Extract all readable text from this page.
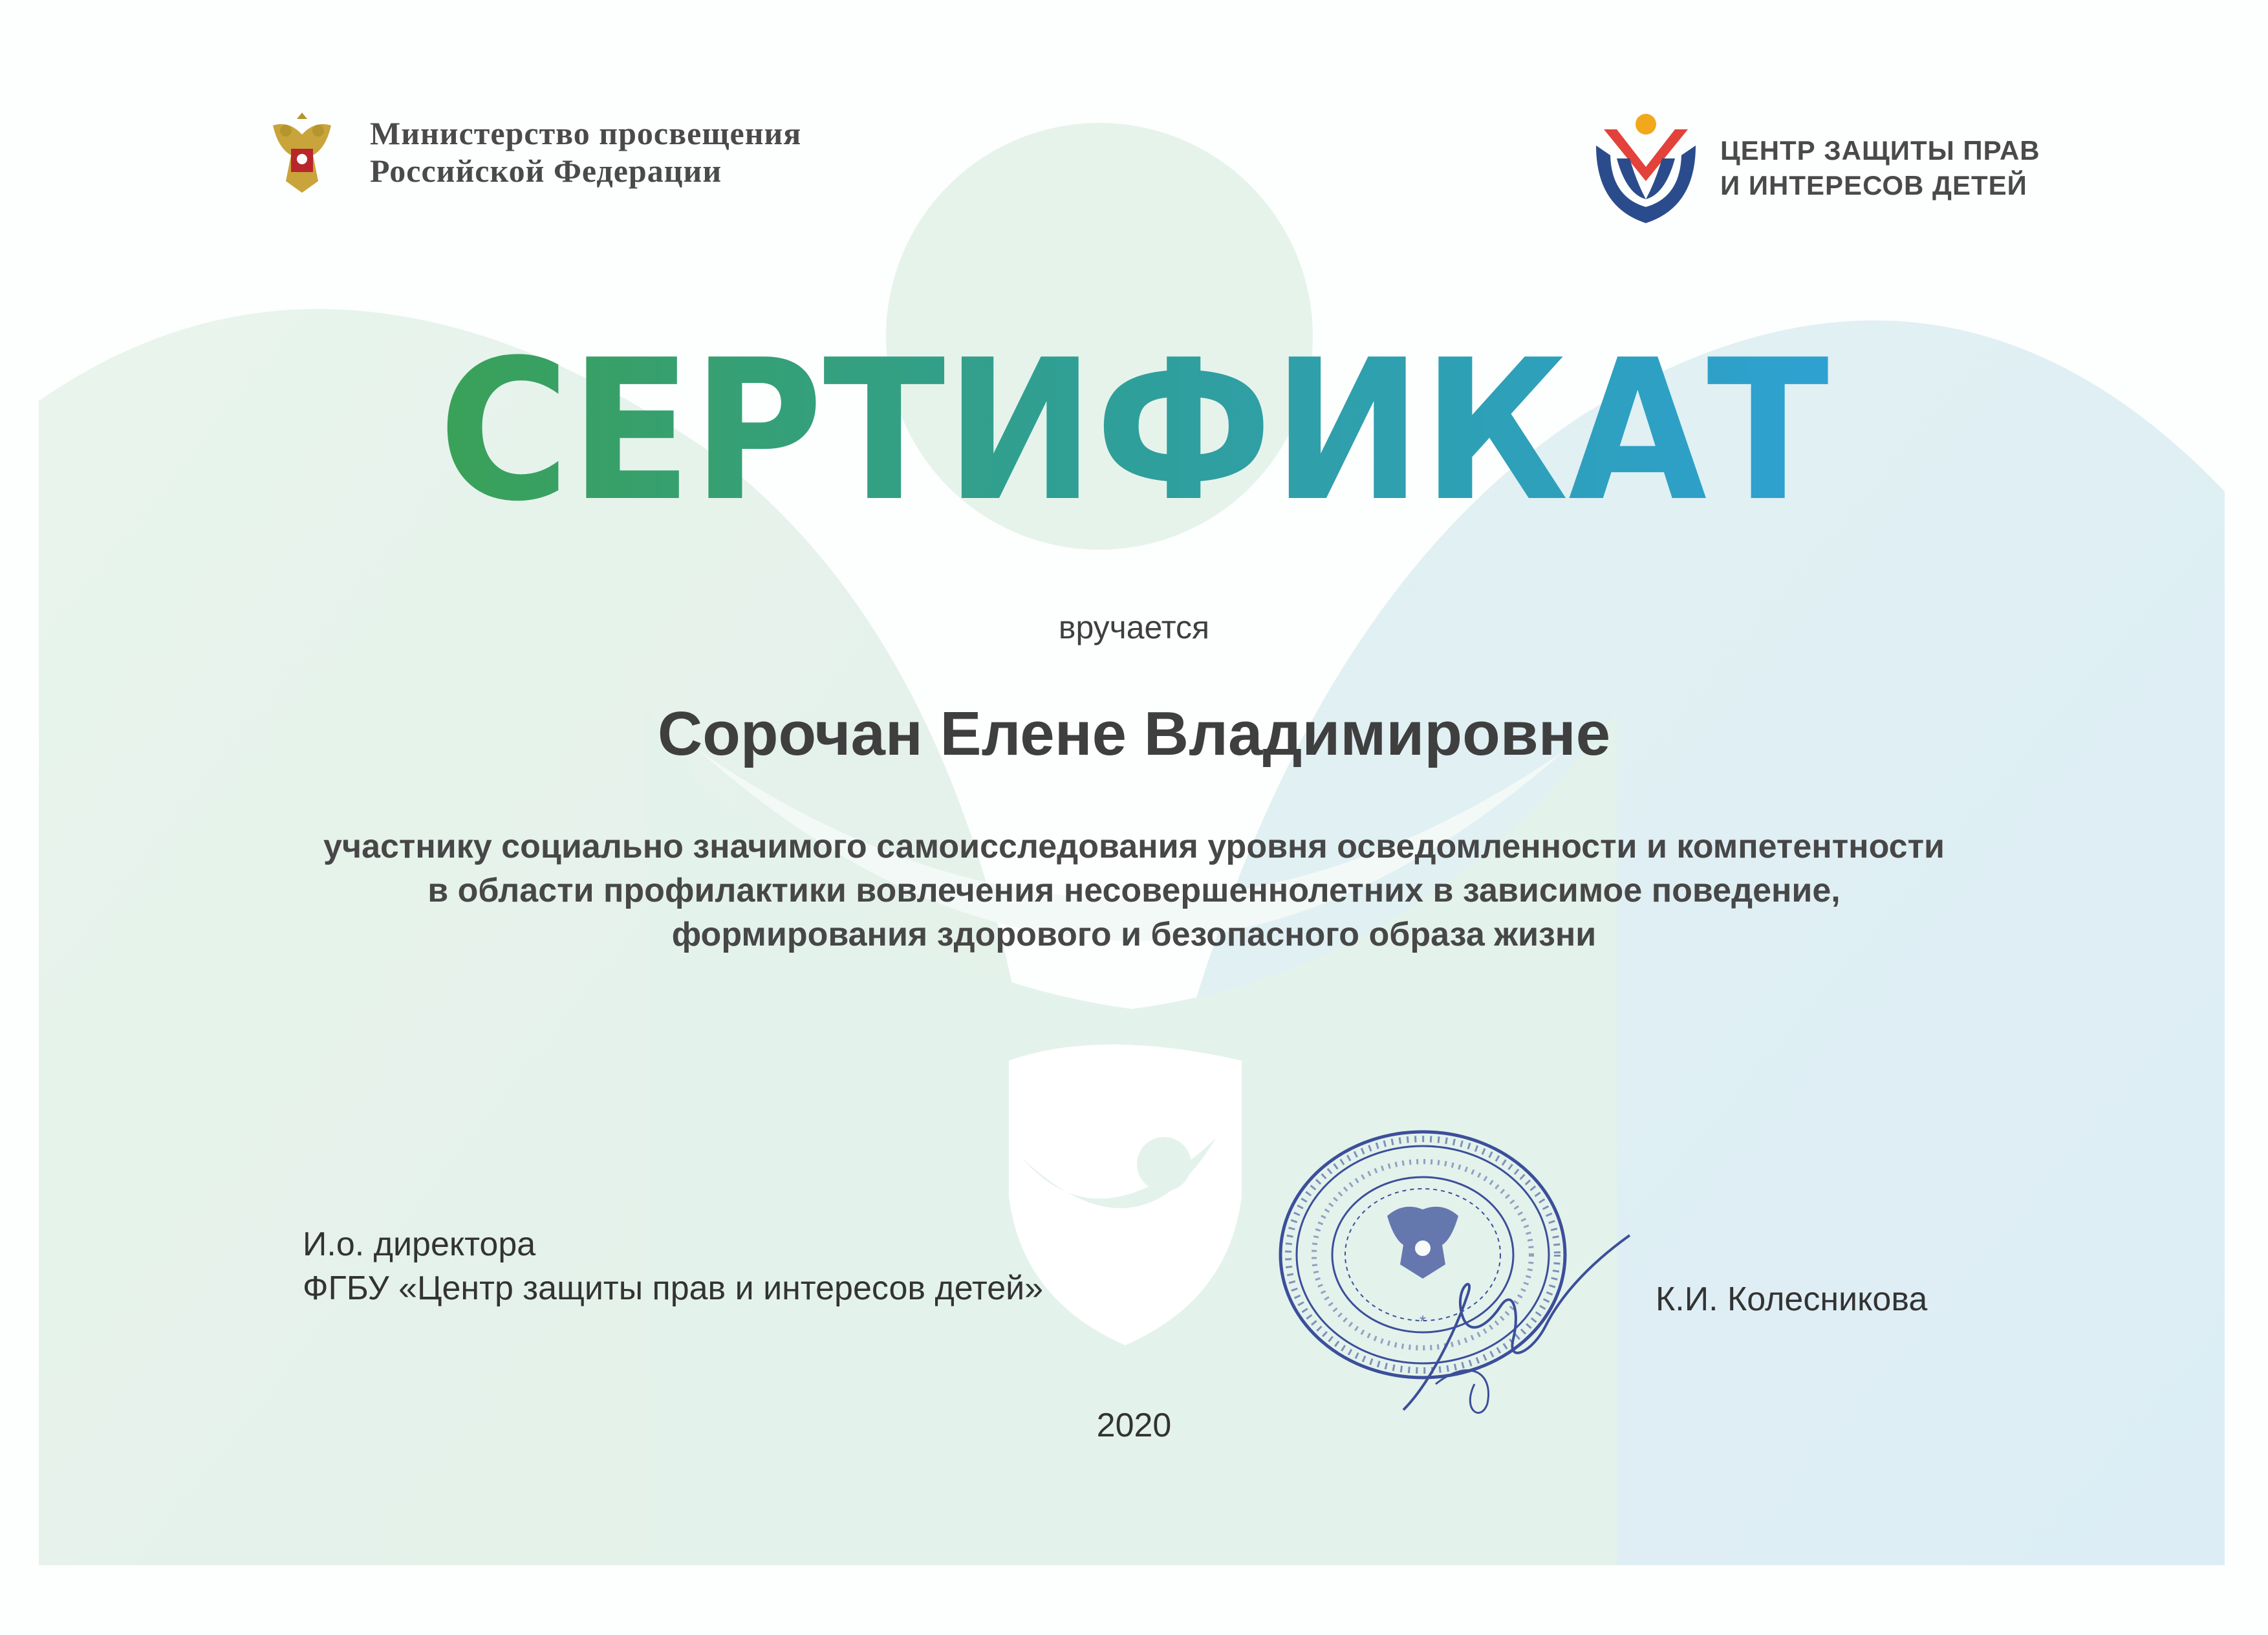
Министерство просвещения
Российской Федерации
ЦЕНТР ЗАЩИТЫ ПРАВ
И ИНТЕРЕСОВ ДЕТЕЙ
СЕРТИФИКАТ
вручается
Сорочан Елене Владимировне
участнику социально значимого самоисследования уровня осведомленности и компетентности
в области профилактики вовлечения несовершеннолетних в зависимое поведение,
формирования здорового и безопасного образа жизни
И.о. директора
ФГБУ «Центр защиты прав и интересов детей»
*
К.И. Колесникова
2020
